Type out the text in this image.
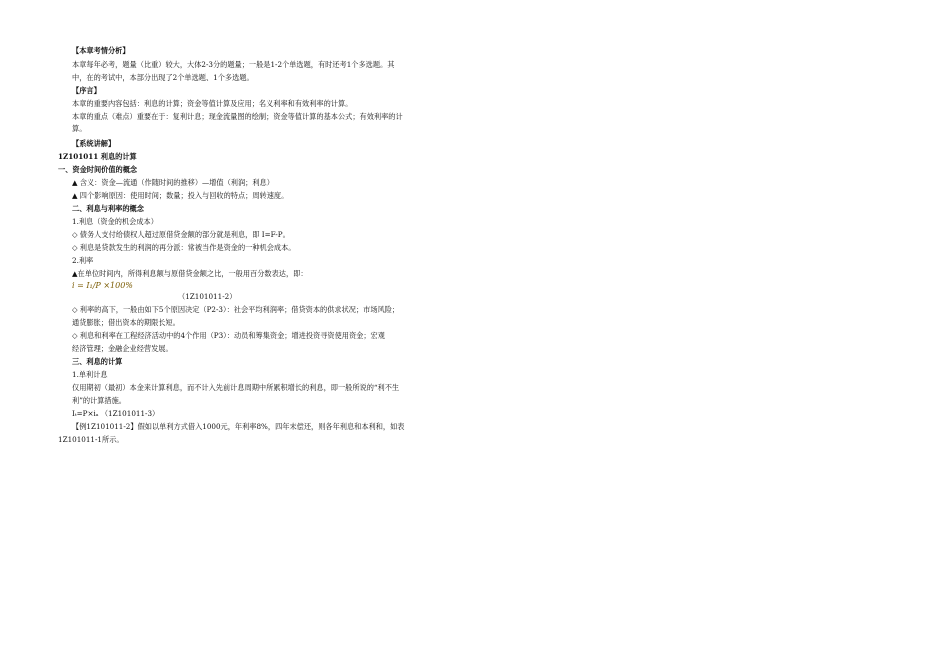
【本章考情分析】
本章每年必考，题量（比重）较大，大体2-3分的题量；一般是1-2个单选题，有时还考1个多选题。其
中，在的考试中，本部分出现了2个单选题、1个多选题。
【序言】
本章的重要内容包括：利息的计算；资金等值计算及应用；名义利率和有效利率的计算。
本章的重点（难点）重要在于：复利计息；现金流量图的绘制；资金等值计算的基本公式；有效利率的计
算。
【系统讲解】
1Z101011 利息的计算
一、资金时间价值的概念
▲ 含义：资金—流通（作随时间的推移）—增值（利润；利息）
▲ 四个影响原因：使用时间；数量；投入与回收的特点；周转速度。
二、利息与利率的概念
1.利息（资金的机会成本）
◇ 债务人支付给债权人超过原借贷金额的部分就是利息，即 I=F-P。
◇ 利息是贷款发生的利润的再分派：常被当作是资金的一种机会成本。
2.利率
▲在单位时间内，所得利息额与原借贷金额之比，一般用百分数表达，即：
i = I₁/P ×100%
（1Z101011-2）
◇ 利率的高下，一般由如下5个原因决定（P2-3）：社会平均利润率；借贷资本的供求状况；市场风险；
通货膨胀；借出资本的期限长短。
◇ 利息和利率在工程经济活动中的4个作用（P3）：动员和筹集资金；增进投资寻资使用资金；宏观
经济管理；金融企业经营发展。
三、利息的计算
1.单利计息
仅用期初（最初）本金来计算利息，而不计入先前计息周期中所累积增长的利息，即一般所说的“利不生
利”的计算措施。
Iₜ=P×iₐ （1Z101011-3）
【例1Z101011-2】假如以单利方式借入1000元，年利率8%，四年末偿还，则各年利息和本利和，如表
1Z101011-1所示。
